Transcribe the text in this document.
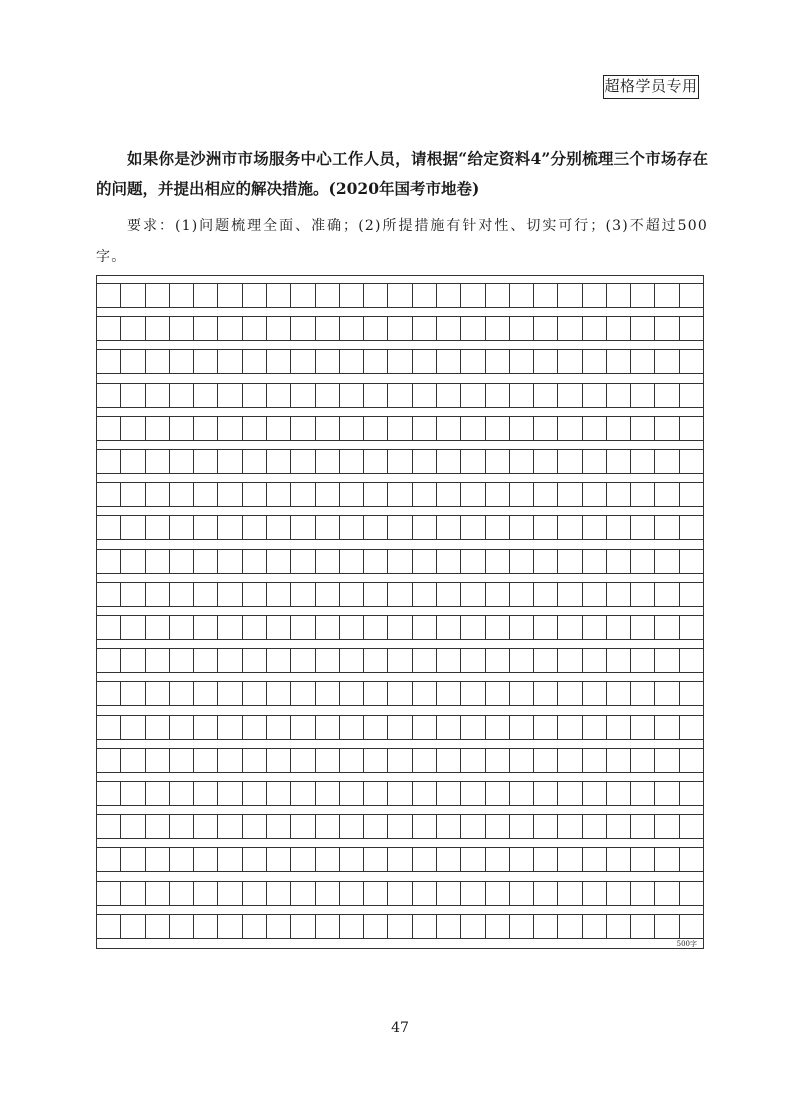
超格学员专用
如果你是沙洲市市场服务中心工作人员，请根据“给定资料4”分别梳理三个市场存在的问题，并提出相应的解决措施。(2020年国考市地卷)
要求：(1)问题梳理全面、准确；(2)所提措施有针对性、切实可行；(3)不超过500字。
500字
47
